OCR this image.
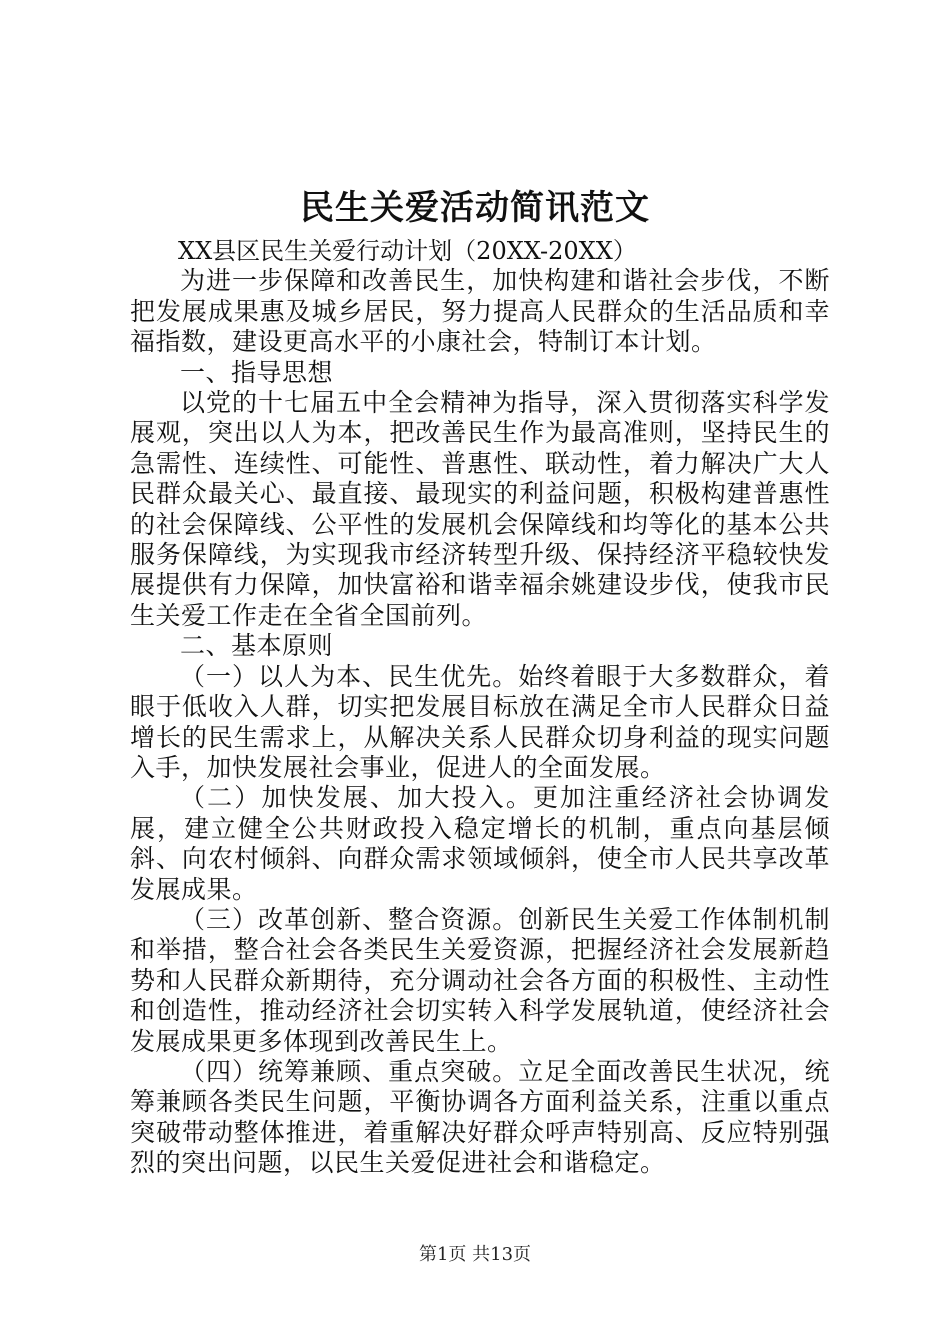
民生关爱活动简讯范文

XX县区民生关爱行动计划（20XX-20XX）

为进一步保障和改善民生，加快构建和谐社会步伐，不断把发展成果惠及城乡居民，努力提高人民群众的生活品质和幸福指数，建设更高水平的小康社会，特制订本计划。

一、指导思想

以党的十七届五中全会精神为指导，深入贯彻落实科学发展观，突出以人为本，把改善民生作为最高准则，坚持民生的急需性、连续性、可能性、普惠性、联动性，着力解决广大人民群众最关心、最直接、最现实的利益问题，积极构建普惠性的社会保障线、公平性的发展机会保障线和均等化的基本公共服务保障线，为实现我市经济转型升级、保持经济平稳较快发展提供有力保障，加快富裕和谐幸福余姚建设步伐，使我市民生关爱工作走在全省全国前列。

二、基本原则

（一）以人为本、民生优先。始终着眼于大多数群众，着眼于低收入人群，切实把发展目标放在满足全市人民群众日益增长的民生需求上，从解决关系人民群众切身利益的现实问题入手，加快发展社会事业，促进人的全面发展。

（二）加快发展、加大投入。更加注重经济社会协调发展，建立健全公共财政投入稳定增长的机制，重点向基层倾斜、向农村倾斜、向群众需求领域倾斜，使全市人民共享改革发展成果。

（三）改革创新、整合资源。创新民生关爱工作体制机制和举措，整合社会各类民生关爱资源，把握经济社会发展新趋势和人民群众新期待，充分调动社会各方面的积极性、主动性和创造性，推动经济社会切实转入科学发展轨道，使经济社会发展成果更多体现到改善民生上。

（四）统筹兼顾、重点突破。立足全面改善民生状况，统筹兼顾各类民生问题，平衡协调各方面利益关系，注重以重点突破带动整体推进，着重解决好群众呼声特别高、反应特别强烈的突出问题，以民生关爱促进社会和谐稳定。

第1页 共13页
